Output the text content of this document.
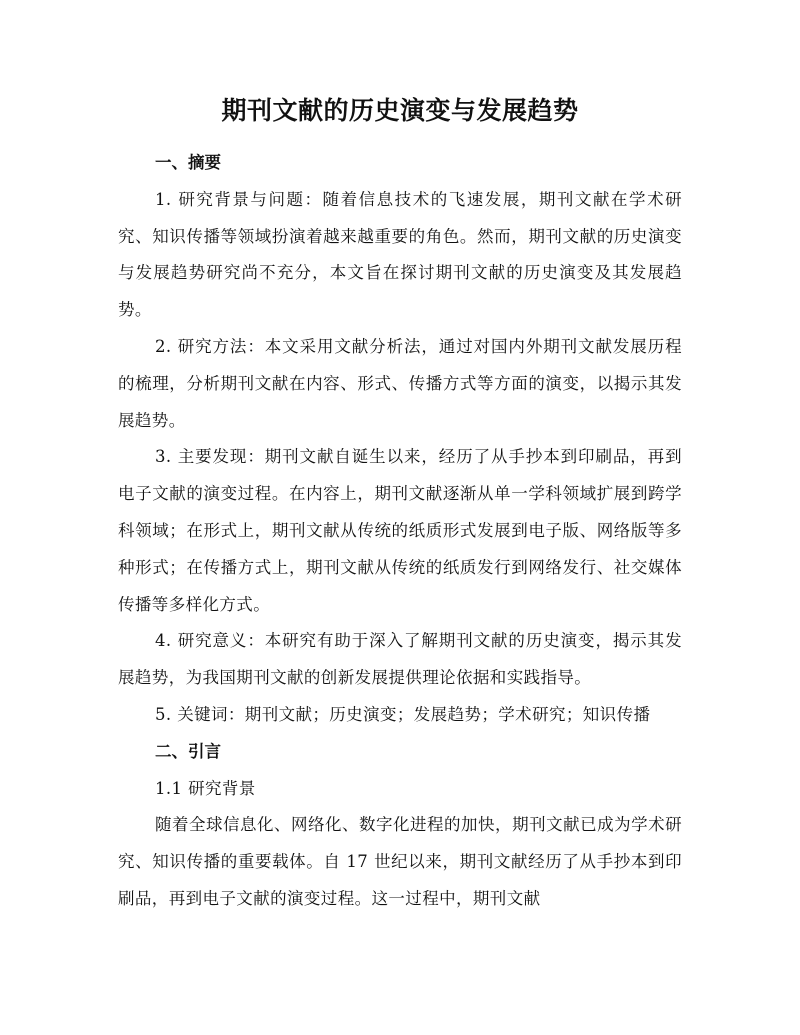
期刊文献的历史演变与发展趋势
一、摘要

1. 研究背景与问题：随着信息技术的飞速发展，期刊文献在学术研究、知识传播等领域扮演着越来越重要的角色。然而，期刊文献的历史演变与发展趋势研究尚不充分，本文旨在探讨期刊文献的历史演变及其发展趋势。

2. 研究方法：本文采用文献分析法，通过对国内外期刊文献发展历程的梳理，分析期刊文献在内容、形式、传播方式等方面的演变，以揭示其发展趋势。

3. 主要发现：期刊文献自诞生以来，经历了从手抄本到印刷品，再到电子文献的演变过程。在内容上，期刊文献逐渐从单一学科领域扩展到跨学科领域；在形式上，期刊文献从传统的纸质形式发展到电子版、网络版等多种形式；在传播方式上，期刊文献从传统的纸质发行到网络发行、社交媒体传播等多样化方式。

4. 研究意义：本研究有助于深入了解期刊文献的历史演变，揭示其发展趋势，为我国期刊文献的创新发展提供理论依据和实践指导。

5. 关键词：期刊文献；历史演变；发展趋势；学术研究；知识传播

二、引言
1.1 研究背景

随着全球信息化、网络化、数字化进程的加快，期刊文献已成为学术研究、知识传播的重要载体。自 17 世纪以来，期刊文献经历了从手抄本到印刷品，再到电子文献的演变过程。这一过程中，期刊文献
